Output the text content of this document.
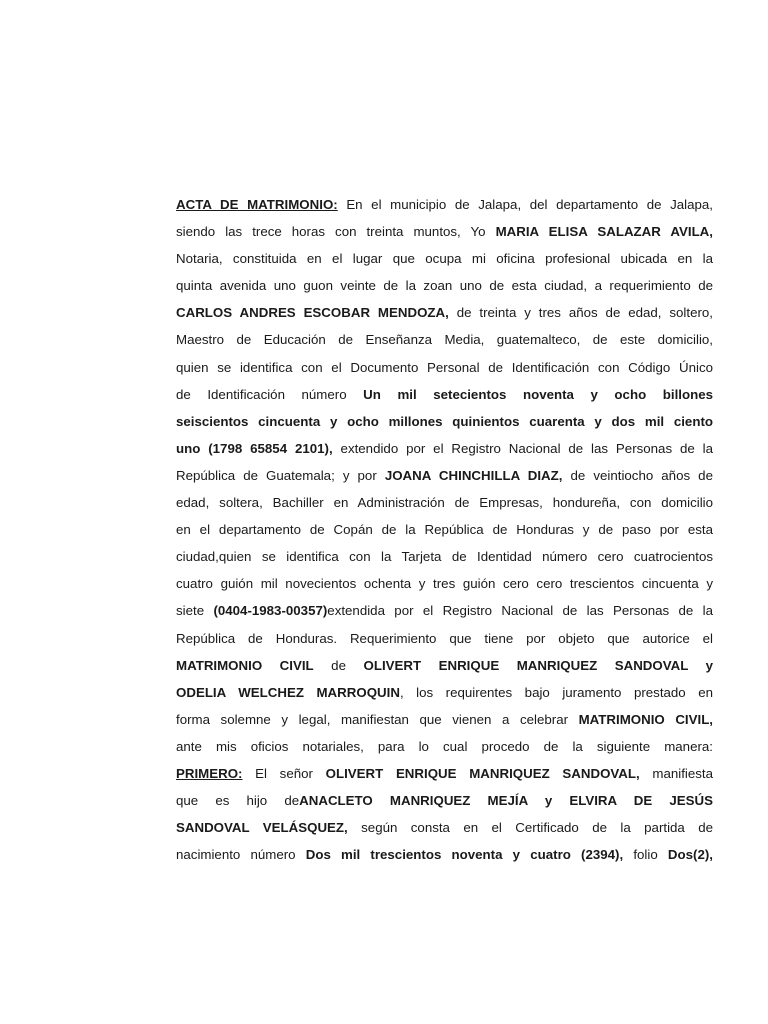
ACTA DE MATRIMONIO: En el municipio de Jalapa, del departamento de Jalapa,
siendo las trece horas con treinta muntos, Yo MARIA ELISA SALAZAR AVILA,
Notaria, constituida en el lugar que ocupa mi oficina profesional ubicada en la
quinta avenida uno guon veinte de la zoan uno de esta ciudad, a requerimiento de
CARLOS ANDRES ESCOBAR MENDOZA, de treinta y tres años de edad, soltero,
Maestro de Educación de Enseñanza Media, guatemalteco, de este domicilio,
quien se identifica con el Documento Personal de Identificación con Código Único
de Identificación número Un mil setecientos noventa y ocho billones
seiscientos cincuenta y ocho millones quinientos cuarenta y dos mil ciento
uno (1798 65854 2101), extendido por el Registro Nacional de las Personas de la
República de Guatemala; y por JOANA CHINCHILLA DIAZ, de veintiocho años de
edad, soltera, Bachiller en Administración de Empresas, hondureña, con domicilio
en el departamento de Copán de la República de Honduras y de paso por esta
ciudad,quien se identifica con la Tarjeta de Identidad número cero cuatrocientos
cuatro guión mil novecientos ochenta y tres guión cero cero trescientos cincuenta y
siete (0404-1983-00357)extendida por el Registro Nacional de las Personas de la
República de Honduras. Requerimiento que tiene por objeto que autorice el
MATRIMONIO CIVIL de OLIVERT ENRIQUE MANRIQUEZ SANDOVAL y
ODELIA WELCHEZ MARROQUIN, los requirentes bajo juramento prestado en
forma solemne y legal, manifiestan que vienen a celebrar MATRIMONIO CIVIL,
ante mis oficios notariales, para lo cual procedo de la siguiente manera:
PRIMERO: El señor OLIVERT ENRIQUE MANRIQUEZ SANDOVAL, manifiesta
que es hijo deANACLETO MANRIQUEZ MEJÍA y ELVIRA DE JESÚS
SANDOVAL VELÁSQUEZ, según consta en el Certificado de la partida de
nacimiento número Dos mil trescientos noventa y cuatro (2394), folio Dos(2),
